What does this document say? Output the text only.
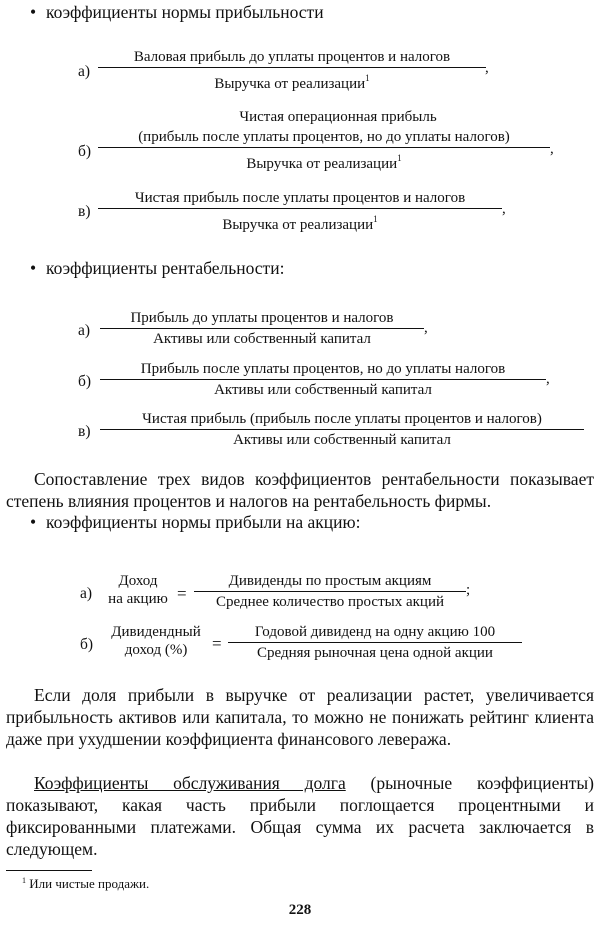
• коэффициенты нормы прибыльности
а)
Валовая прибыль до уплаты процентов и налогов
Выручка от реализации$^1$
,
Чистая операционная прибыль
б)
(прибыль после уплаты процентов, но до уплаты налогов)
Выручка от реализации$^1$
,
в)
Чистая прибыль после уплаты процентов и налогов
Выручка от реализации$^1$
,
• коэффициенты рентабельности:
а)
Прибыль до уплаты процентов и налогов
Активы или собственный капитал
,
б)
Прибыль после уплаты процентов, но до уплаты налогов
Активы или собственный капитал
,
в)
Чистая прибыль (прибыль после уплаты процентов и налогов)
Активы или собственный капитал
Сопоставление трех видов коэффициентов рентабельности показывает степень влияния процентов и налогов на рентабельность фирмы.
• коэффициенты нормы прибыли на акцию:
а)
Доход
на акцию =
Дивиденды по простым акциям
Среднее количество простых акций
;
б)
Дивидендный
доход (%) =
Годовой дивиденд на одну акцию 100
Средняя рыночная цена одной акции
Если доля прибыли в выручке от реализации растет, увеличивается прибыльность активов или капитала, то можно не понижать рейтинг клиента даже при ухудшении коэффициента финансового левеража.
Коэффициенты обслуживания долга (рыночные коэффициенты) показывают, какая часть прибыли поглощается процентными и фиксированными платежами. Общая сумма их расчета заключается в следующем.
$^1$ Или чистые продажи.
228
